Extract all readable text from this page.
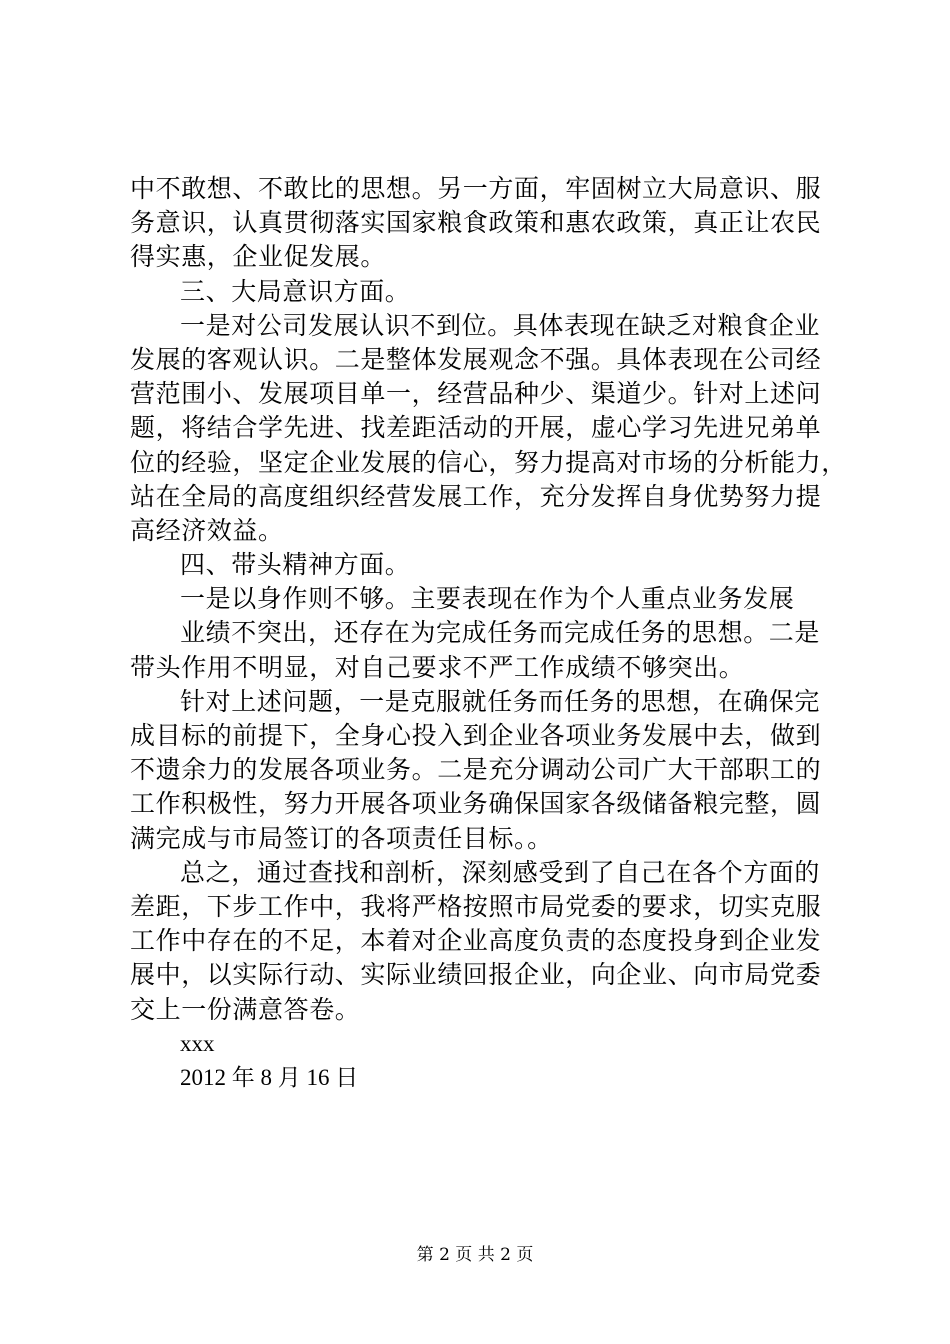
中不敢想、不敢比的思想。另一方面，牢固树立大局意识、服
务意识，认真贯彻落实国家粮食政策和惠农政策，真正让农民
得实惠，企业促发展。
三、大局意识方面。
一是对公司发展认识不到位。具体表现在缺乏对粮食企业
发展的客观认识。二是整体发展观念不强。具体表现在公司经
营范围小、发展项目单一，经营品种少、渠道少。针对上述问
题，将结合学先进、找差距活动的开展，虚心学习先进兄弟单
位的经验，坚定企业发展的信心，努力提高对市场的分析能力，
站在全局的高度组织经营发展工作，充分发挥自身优势努力提
高经济效益。
四、带头精神方面。
一是以身作则不够。主要表现在作为个人重点业务发展
业绩不突出，还存在为完成任务而完成任务的思想。二是
带头作用不明显，对自己要求不严工作成绩不够突出。
针对上述问题，一是克服就任务而任务的思想，在确保完
成目标的前提下，全身心投入到企业各项业务发展中去，做到
不遗余力的发展各项业务。二是充分调动公司广大干部职工的
工作积极性，努力开展各项业务确保国家各级储备粮完整，圆
满完成与市局签订的各项责任目标。。
总之，通过查找和剖析，深刻感受到了自己在各个方面的
差距，下步工作中，我将严格按照市局党委的要求，切实克服
工作中存在的不足，本着对企业高度负责的态度投身到企业发
展中，以实际行动、实际业绩回报企业，向企业、向市局党委
交上一份满意答卷。
xxx
2012 年 8 月 16 日
第 2 页 共 2 页
